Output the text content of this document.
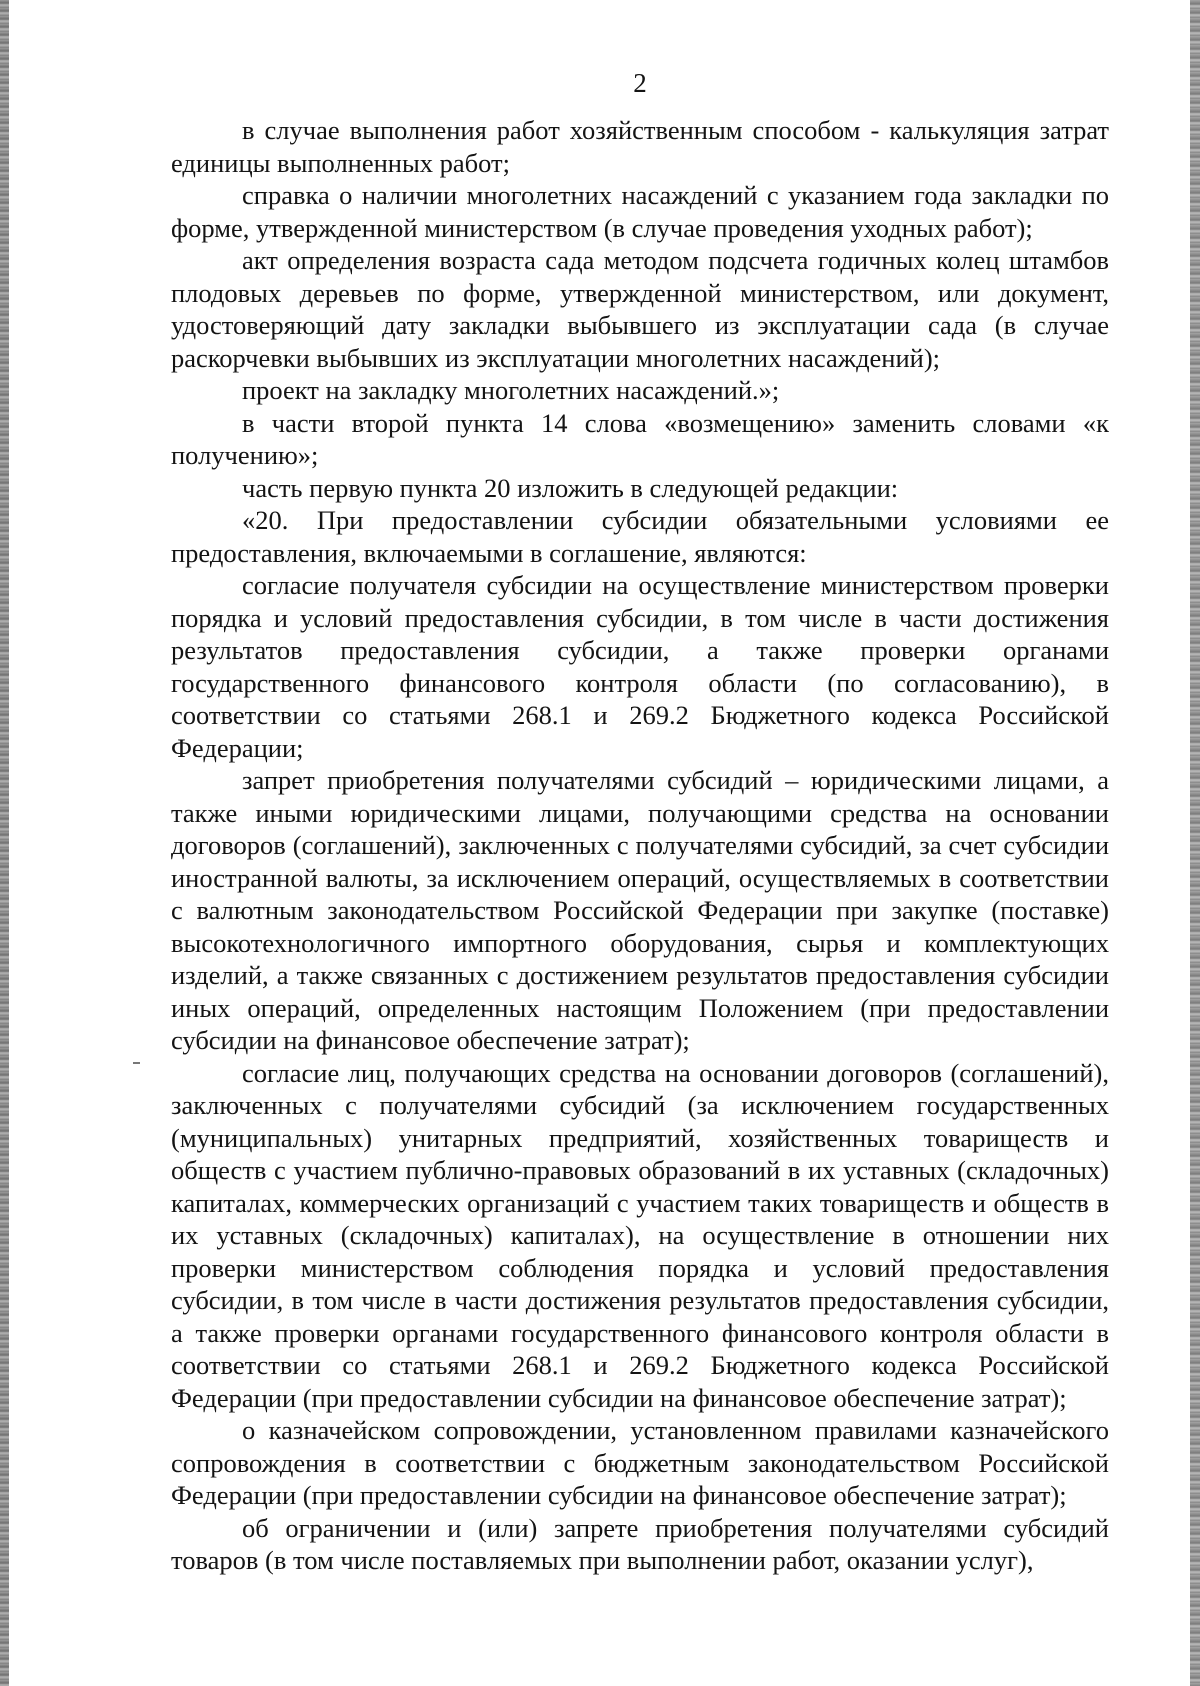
2

в случае выполнения работ хозяйственным способом - калькуляция затрат единицы выполненных работ;

справка о наличии многолетних насаждений с указанием года закладки по форме, утвержденной министерством (в случае проведения уходных работ);

акт определения возраста сада методом подсчета годичных колец штамбов плодовых деревьев по форме, утвержденной министерством, или документ, удостоверяющий дату закладки выбывшего из эксплуатации сада (в случае раскорчевки выбывших из эксплуатации многолетних насаждений);

проект на закладку многолетних насаждений.»;

в части второй пункта 14 слова «возмещению» заменить словами «к получению»;

часть первую пункта 20 изложить в следующей редакции:

«20. При предоставлении субсидии обязательными условиями ее предоставления, включаемыми в соглашение, являются:

согласие получателя субсидии на осуществление министерством проверки порядка и условий предоставления субсидии, в том числе в части достижения результатов предоставления субсидии, а также проверки органами государственного финансового контроля области (по согласованию), в соответствии со статьями 268.1 и 269.2 Бюджетного кодекса Российской Федерации;

запрет приобретения получателями субсидий – юридическими лицами, а также иными юридическими лицами, получающими средства на основании договоров (соглашений), заключенных с получателями субсидий, за счет субсидии иностранной валюты, за исключением операций, осуществляемых в соответствии с валютным законодательством Российской Федерации при закупке (поставке) высокотехнологичного импортного оборудования, сырья и комплектующих изделий, а также связанных с достижением результатов предоставления субсидии иных операций, определенных настоящим Положением (при предоставлении субсидии на финансовое обеспечение затрат);

согласие лиц, получающих средства на основании договоров (соглашений), заключенных с получателями субсидий (за исключением государственных (муниципальных) унитарных предприятий, хозяйственных товариществ и обществ с участием публично-правовых образований в их уставных (складочных) капиталах, коммерческих организаций с участием таких товариществ и обществ в их уставных (складочных) капиталах), на осуществление в отношении них проверки министерством соблюдения порядка и условий предоставления субсидии, в том числе в части достижения результатов предоставления субсидии, а также проверки органами государственного финансового контроля области в соответствии со статьями 268.1 и 269.2 Бюджетного кодекса Российской Федерации (при предоставлении субсидии на финансовое обеспечение затрат);

о казначейском сопровождении, установленном правилами казначейского сопровождения в соответствии с бюджетным законодательством Российской Федерации (при предоставлении субсидии на финансовое обеспечение затрат);

об ограничении и (или) запрете приобретения получателями субсидий товаров (в том числе поставляемых при выполнении работ, оказании услуг),
